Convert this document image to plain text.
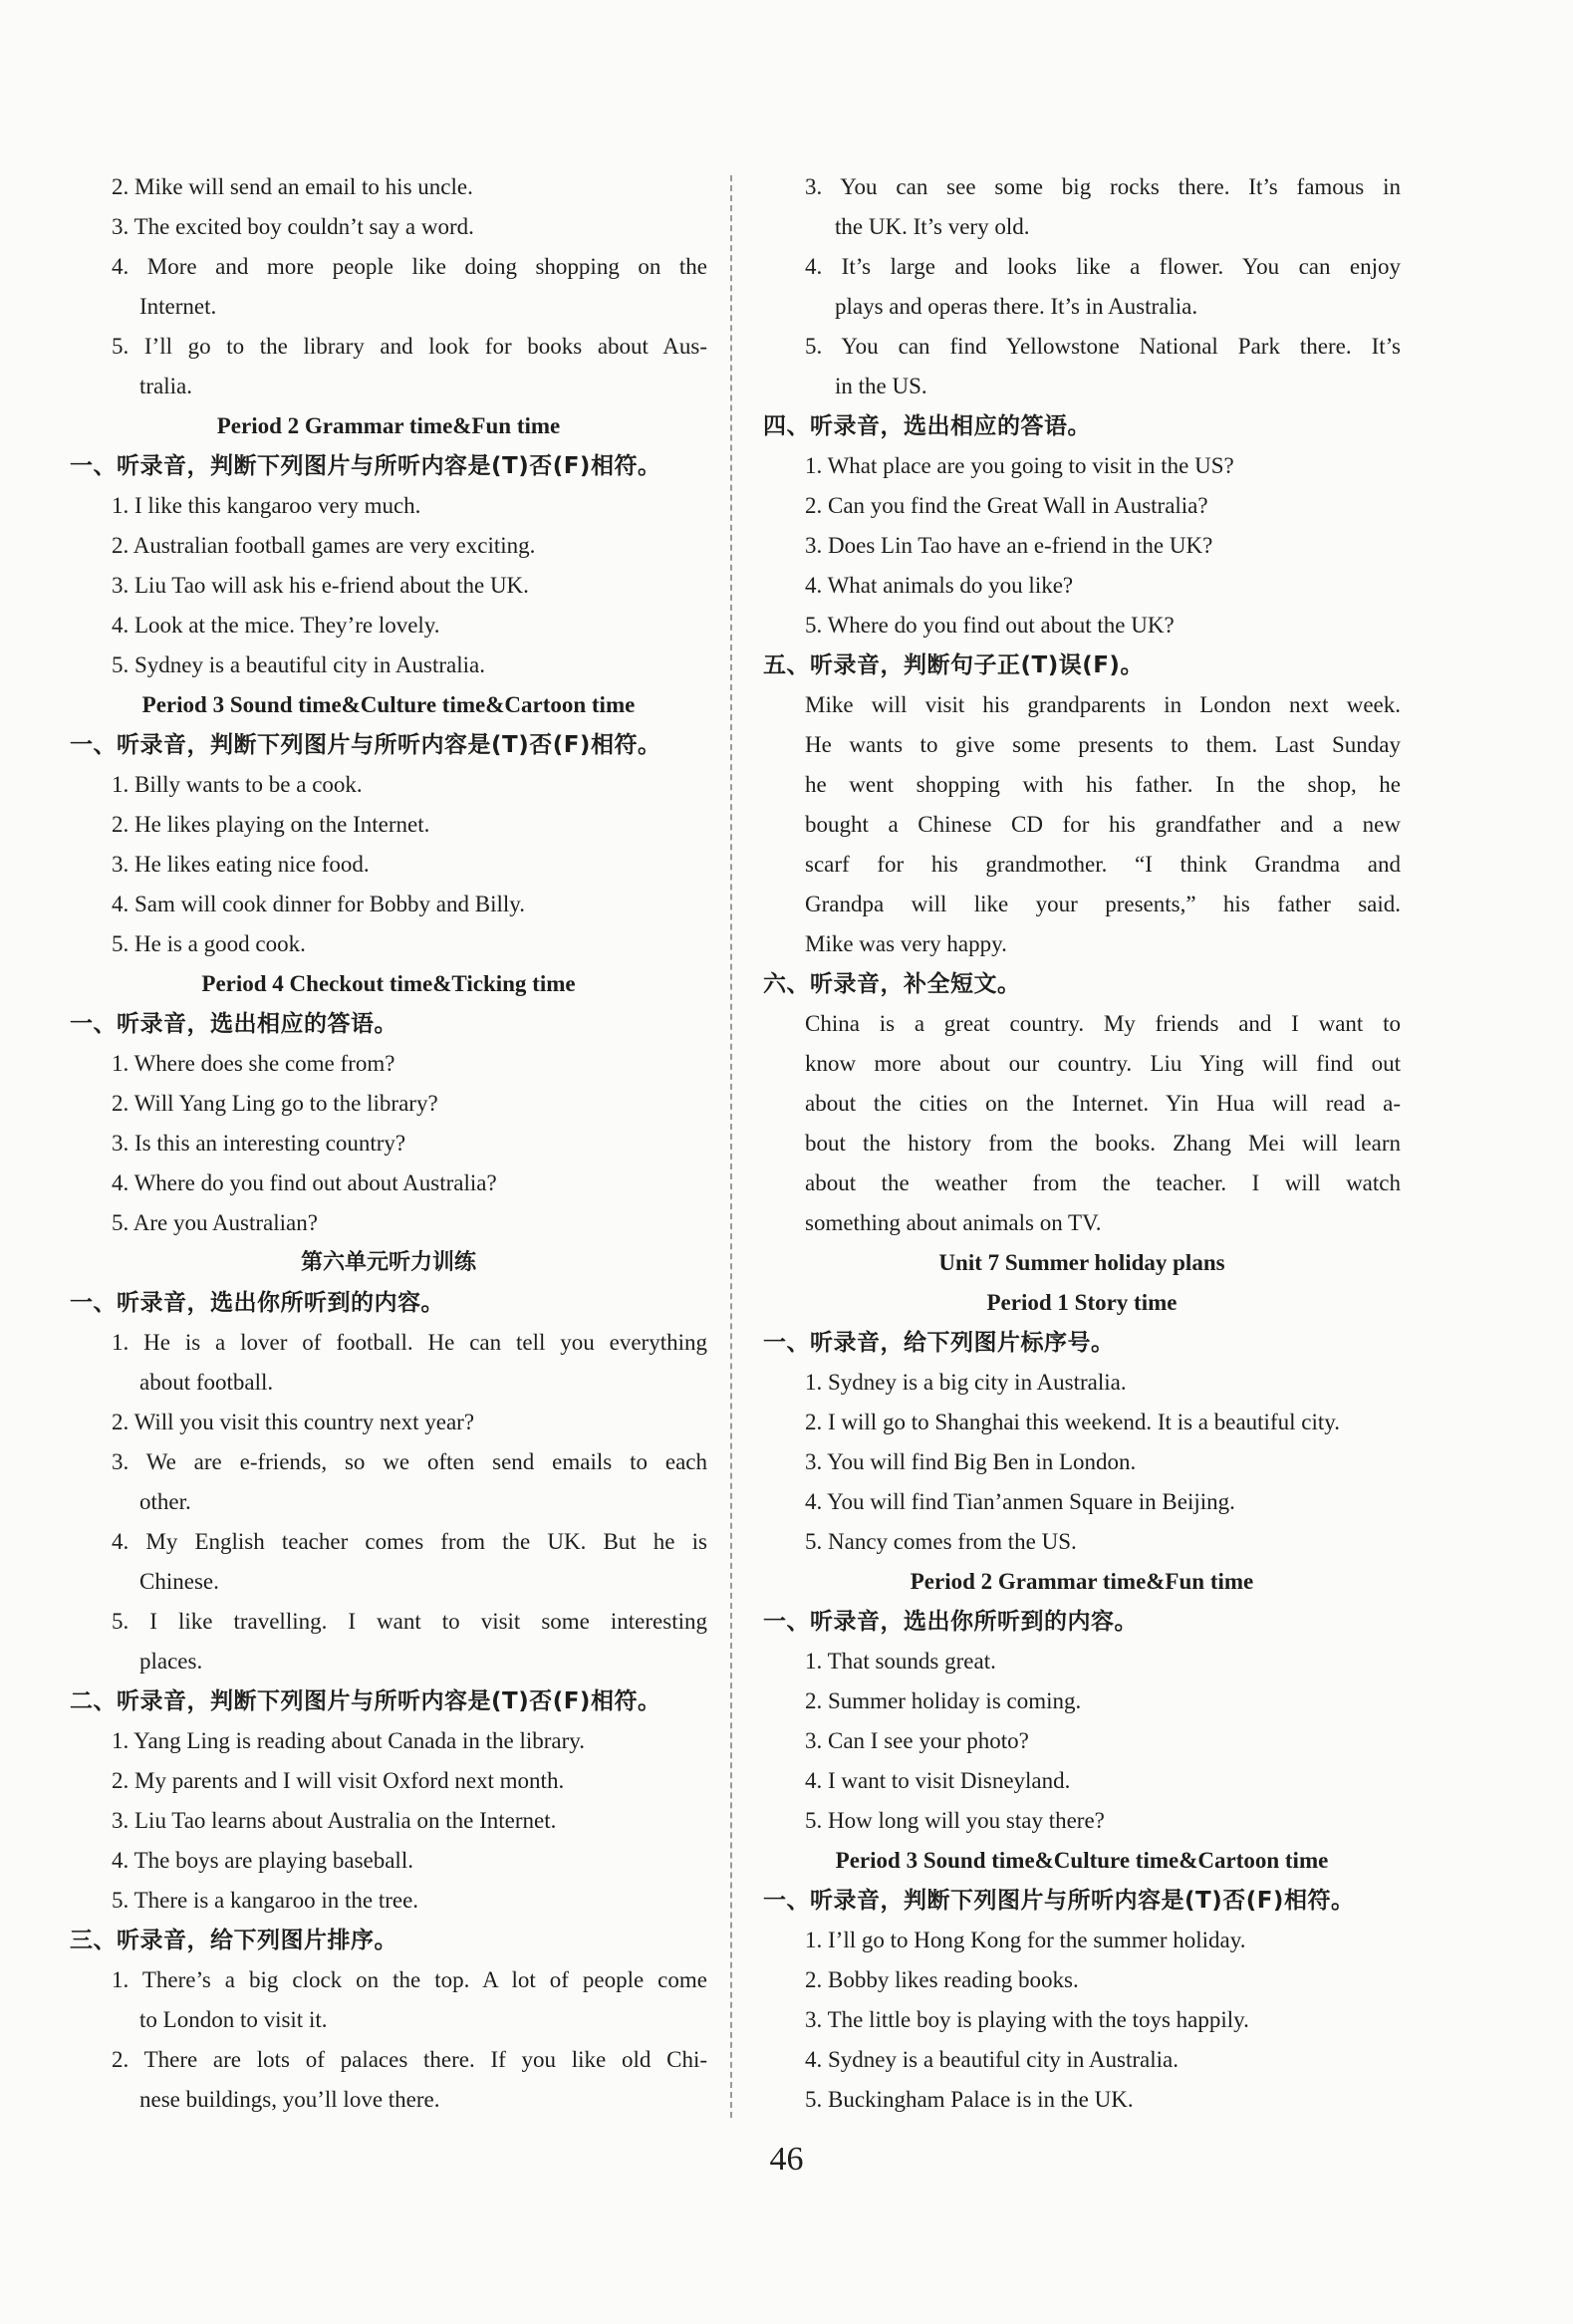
2. Mike will send an email to his uncle.
3. The excited boy couldn’t say a word.
4. More and more people like doing shopping on the
Internet.
5. I’ll go to the library and look for books about Aus-
tralia.
Period 2 Grammar time&Fun time
一、听录音，判断下列图片与所听内容是(T)否(F)相符。
1. I like this kangaroo very much.
2. Australian football games are very exciting.
3. Liu Tao will ask his e-friend about the UK.
4. Look at the mice. They’re lovely.
5. Sydney is a beautiful city in Australia.
Period 3 Sound time&Culture time&Cartoon time
一、听录音，判断下列图片与所听内容是(T)否(F)相符。
1. Billy wants to be a cook.
2. He likes playing on the Internet.
3. He likes eating nice food.
4. Sam will cook dinner for Bobby and Billy.
5. He is a good cook.
Period 4 Checkout time&Ticking time
一、听录音，选出相应的答语。
1. Where does she come from?
2. Will Yang Ling go to the library?
3. Is this an interesting country?
4. Where do you find out about Australia?
5. Are you Australian?
第六单元听力训练
一、听录音，选出你所听到的内容。
1. He is a lover of football. He can tell you everything
about football.
2. Will you visit this country next year?
3. We are e-friends, so we often send emails to each
other.
4. My English teacher comes from the UK. But he is
Chinese.
5. I like travelling. I want to visit some interesting
places.
二、听录音，判断下列图片与所听内容是(T)否(F)相符。
1. Yang Ling is reading about Canada in the library.
2. My parents and I will visit Oxford next month.
3. Liu Tao learns about Australia on the Internet.
4. The boys are playing baseball.
5. There is a kangaroo in the tree.
三、听录音，给下列图片排序。
1. There’s a big clock on the top. A lot of people come
to London to visit it.
2. There are lots of palaces there. If you like old Chi-
nese buildings, you’ll love there.
3. You can see some big rocks there. It’s famous in
the UK. It’s very old.
4. It’s large and looks like a flower. You can enjoy
plays and operas there. It’s in Australia.
5. You can find Yellowstone National Park there. It’s
in the US.
四、听录音，选出相应的答语。
1. What place are you going to visit in the US?
2. Can you find the Great Wall in Australia?
3. Does Lin Tao have an e-friend in the UK?
4. What animals do you like?
5. Where do you find out about the UK?
五、听录音，判断句子正(T)误(F)。
Mike will visit his grandparents in London next week.
He wants to give some presents to them. Last Sunday
he went shopping with his father. In the shop, he
bought a Chinese CD for his grandfather and a new
scarf for his grandmother. “I think Grandma and
Grandpa will like your presents,” his father said.
Mike was very happy.
六、听录音，补全短文。
China is a great country. My friends and I want to
know more about our country. Liu Ying will find out
about the cities on the Internet. Yin Hua will read a-
bout the history from the books. Zhang Mei will learn
about the weather from the teacher. I will watch
something about animals on TV.
Unit 7 Summer holiday plans
Period 1 Story time
一、听录音，给下列图片标序号。
1. Sydney is a big city in Australia.
2. I will go to Shanghai this weekend. It is a beautiful city.
3. You will find Big Ben in London.
4. You will find Tian’anmen Square in Beijing.
5. Nancy comes from the US.
Period 2 Grammar time&Fun time
一、听录音，选出你所听到的内容。
1. That sounds great.
2. Summer holiday is coming.
3. Can I see your photo?
4. I want to visit Disneyland.
5. How long will you stay there?
Period 3 Sound time&Culture time&Cartoon time
一、听录音，判断下列图片与所听内容是(T)否(F)相符。
1. I’ll go to Hong Kong for the summer holiday.
2. Bobby likes reading books.
3. The little boy is playing with the toys happily.
4. Sydney is a beautiful city in Australia.
5. Buckingham Palace is in the UK.
46
